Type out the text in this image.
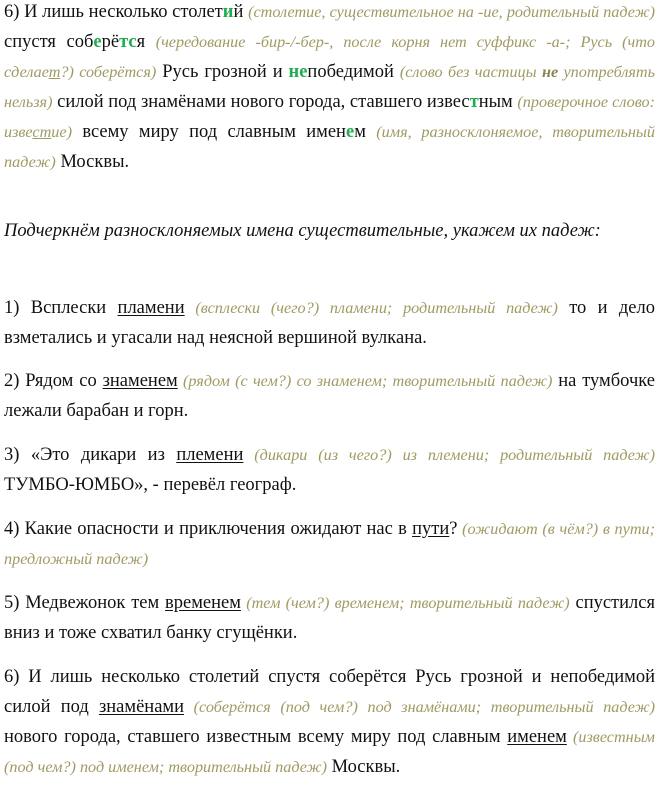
6) И лишь несколько столетий (столетие, существительное на -ие, родительный падеж) спустя соберётся (чередование -бир-/-бер-, после корня нет суффикс -а-; Русь (что сделает?) соберётся) Русь грозной и непобедимой (слово без частицы не употреблять нельзя) силой под знамёнами нового города, ставшего известным (проверочное слово: известие) всему миру под славным именем (имя, разносклоняемое, творительный падеж) Москвы.

Подчеркнём разносклоняемых имена существительные, укажем их падеж:

1) Всплески пламени (всплески (чего?) пламени; родительный падеж) то и дело взметались и угасали над неясной вершиной вулкана.

2) Рядом со знаменем (рядом (с чем?) со знаменем; творительный падеж) на тумбочке лежали барабан и горн.

3) «Это дикари из племени (дикари (из чего?) из племени; родительный падеж) ТУМБО-ЮМБО», - перевёл географ.

4) Какие опасности и приключения ожидают нас в пути? (ожидают (в чём?) в пути; предложный падеж)

5) Медвежонок тем временем (тем (чем?) временем; творительный падеж) спустился вниз и тоже схватил банку сгущёнки.

6) И лишь несколько столетий спустя соберётся Русь грозной и непобедимой силой под знамёнами (соберётся (под чем?) под знамёнами; творительный падеж) нового города, ставшего известным всему миру под славным именем (известным (под чем?) под именем; творительный падеж) Москвы.
